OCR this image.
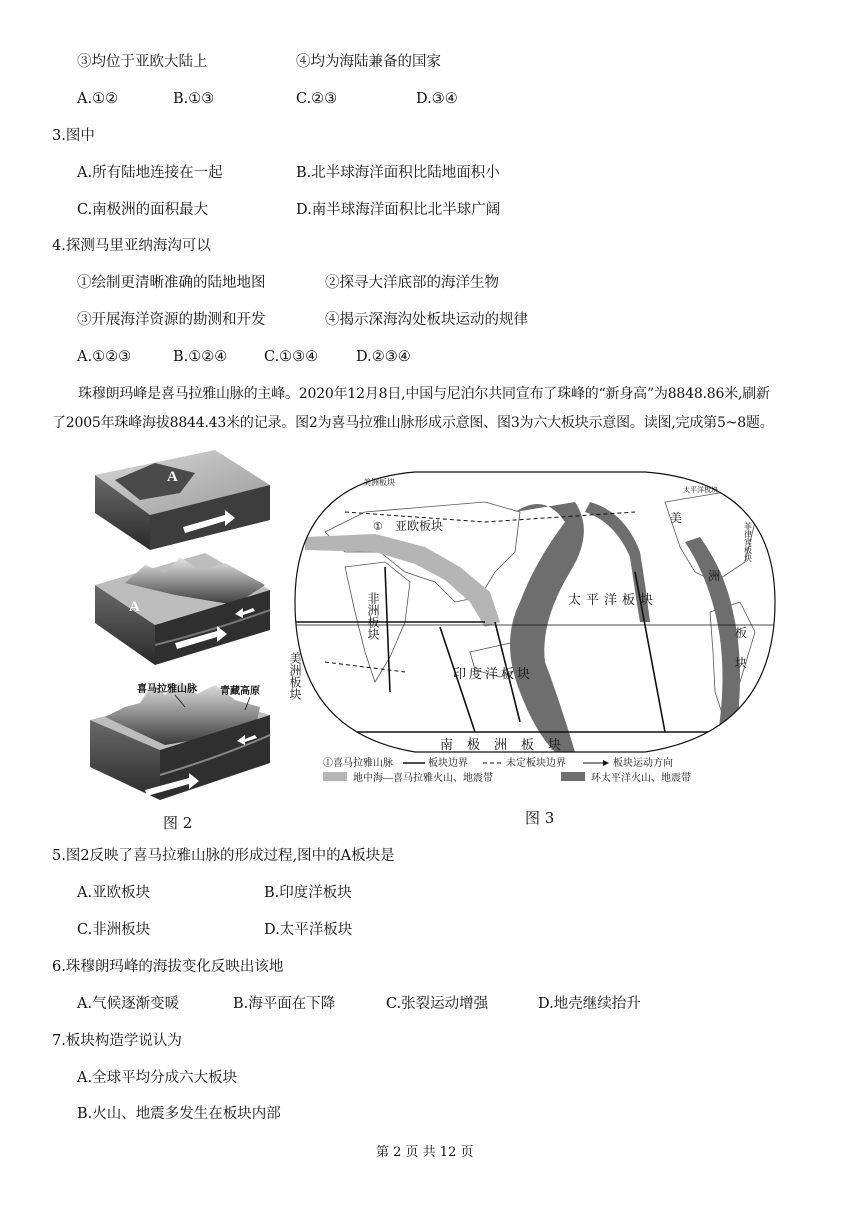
③均位于亚欧大陆上	④均为海陆兼备的国家
A.①②	B.①③	C.②③	D.③④
3.图中
A.所有陆地连接在一起	B.北半球海洋面积比陆地面积小
C.南极洲的面积最大	D.南半球海洋面积比北半球广阔
4.探测马里亚纳海沟可以
①绘制更清晰准确的陆地地图	②探寻大洋底部的海洋生物
③开展海洋资源的勘测和开发	④揭示深海沟处板块运动的规律
A.①②③	B.①②④	C.①③④	D.②③④
珠穆朗玛峰是喜马拉雅山脉的主峰。2020年12月8日,中国与尼泊尔共同宣布了珠峰的“新身高”为8848.86米,刷新
了2005年珠峰海拔8844.43米的记录。图2为喜马拉雅山脉形成示意图、图3为六大板块示意图。读图,完成第5~8题。
A
A
喜马拉雅山脉 青藏高原
图 2
亚欧板块
美洲板块
太平洋板块
印度洋板块
南极洲板块
非洲板块
美洲板块
美
洲
板
块
菲律宾板块
太平洋板块
①
①喜马拉雅山脉	板块边界	未定板块边界	板块运动方向
地中海—喜马拉雅火山、地震带	环太平洋火山、地震带
图 3
5.图2反映了喜马拉雅山脉的形成过程,图中的A板块是
A.亚欧板块	B.印度洋板块
C.非洲板块	D.太平洋板块
6.珠穆朗玛峰的海拔变化反映出该地
A.气候逐渐变暖	B.海平面在下降	C.张裂运动增强	D.地壳继续抬升
7.板块构造学说认为
A.全球平均分成六大板块
B.火山、地震多发生在板块内部
第 2 页 共 12 页
